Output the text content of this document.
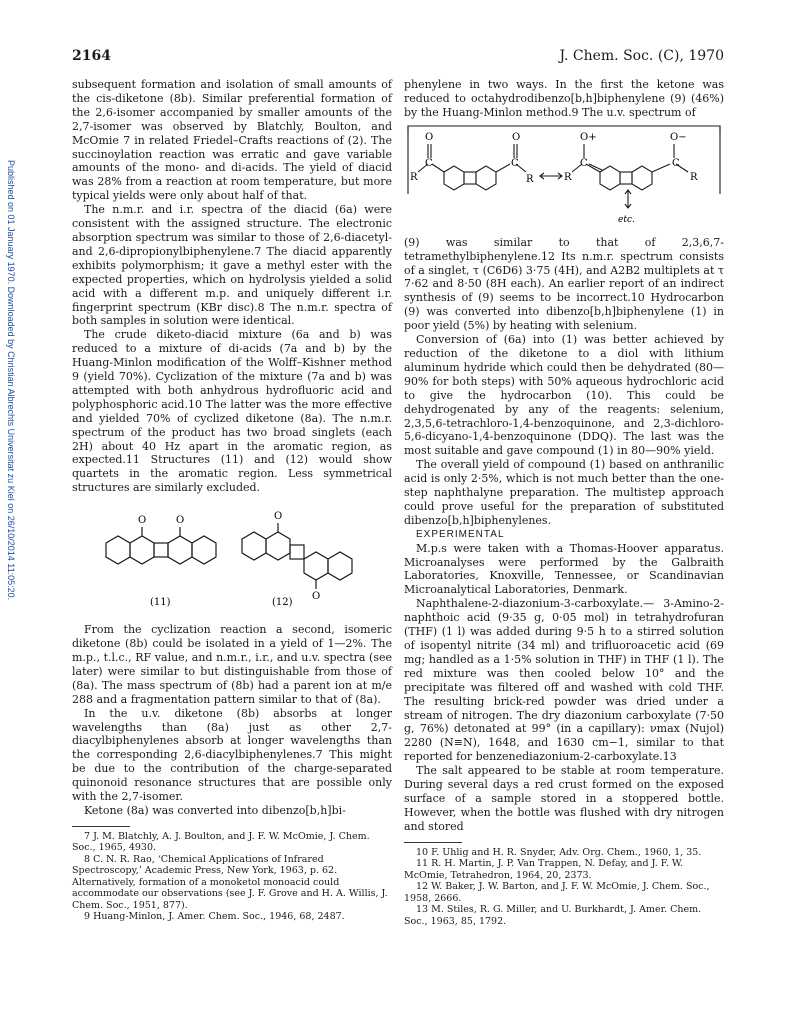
Published on 01 January 1970. Downloaded by Christian Albrechts Universitat zu Kiel on 26/10/2014 11:05:20.
2164	J. Chem. Soc. (C), 1970

subsequent formation and isolation of small amounts of the cis-diketone (8b). Similar preferential formation of the 2,6-isomer accompanied by smaller amounts of the 2,7-isomer was observed by Blatchly, Boulton, and McOmie 7 in related Friedel–Crafts reactions of (2). The succinoylation reaction was erratic and gave variable amounts of the mono- and di-acids. The yield of diacid was 28% from a reaction at room temperature, but more typical yields were only about half of that.

The n.m.r. and i.r. spectra of the diacid (6a) were consistent with the assigned structure. The electronic absorption spectrum was similar to those of 2,6-diacetyl- and 2,6-dipropionylbiphenylene.7 The diacid apparently exhibits polymorphism; it gave a methyl ester with the expected properties, which on hydrolysis yielded a solid acid with a different m.p. and uniquely different i.r. fingerprint spectrum (KBr disc).8 The n.m.r. spectra of both samples in solution were identical.

The crude diketo-diacid mixture (6a and b) was reduced to a mixture of di-acids (7a and b) by the Huang-Minlon modification of the Wolff–Kishner method 9 (yield 70%). Cyclization of the mixture (7a and b) was attempted with both anhydrous hydrofluoric acid and polyphosphoric acid.10 The latter was the more effective and yielded 70% of cyclized diketone (8a). The n.m.r. spectrum of the product has two broad singlets (each 2H) about 40 Hz apart in the aromatic region, as expected.11 Structures (11) and (12) would show quartets in the aromatic region. Less symmetrical structures are similarly excluded.

O	O	O
O
(11)	(12)

From the cyclization reaction a second, isomeric diketone (8b) could be isolated in a yield of 1—2%. The m.p., t.l.c., RF value, and n.m.r., i.r., and u.v. spectra (see later) were similar to but distinguishable from those of (8a). The mass spectrum of (8b) had a parent ion at m/e 288 and a fragmentation pattern similar to that of (8a).

In the u.v. diketone (8b) absorbs at longer wavelengths than (8a) just as other 2,7-diacylbiphenylenes absorb at longer wavelengths than the corresponding 2,6-diacylbiphenylenes.7 This might be due to the contribution of the charge-separated quinonoid resonance structures that are possible only with the 2,7-isomer.

Ketone (8a) was converted into dibenzo[b,h]bi-

7 J. M. Blatchly, A. J. Boulton, and J. F. W. McOmie, J. Chem. Soc., 1965, 4930.

8 C. N. R. Rao, ‘Chemical Applications of Infrared Spectroscopy,’ Academic Press, New York, 1963, p. 62. Alternatively, formation of a monoketol monoacid could accommodate our observations (see J. F. Grove and H. A. Willis, J. Chem. Soc., 1951, 877).

9 Huang-Minlon, J. Amer. Chem. Soc., 1946, 68, 2487.

phenylene in two ways. In the first the ketone was reduced to octahydrodibenzo[b,h]biphenylene (9) (46%) by the Huang-Minlon method.9 The u.v. spectrum of

O
C
R
O
C
R
O+
C
R
O−
C
R
etc.

(9) was similar to that of 2,3,6,7-tetramethylbiphenylene.12 Its n.m.r. spectrum consists of a singlet, τ (C6D6) 3·75 (4H), and A2B2 multiplets at τ 7·62 and 8·50 (8H each). An earlier report of an indirect synthesis of (9) seems to be incorrect.10 Hydrocarbon (9) was converted into dibenzo[b,h]biphenylene (1) in poor yield (5%) by heating with selenium.

Conversion of (6a) into (1) was better achieved by reduction of the diketone to a diol with lithium aluminum hydride which could then be dehydrated (80—90% for both steps) with 50% aqueous hydrochloric acid to give the hydrocarbon (10). This could be dehydrogenated by any of the reagents: selenium, 2,3,5,6-tetrachloro-1,4-benzoquinone, and 2,3-dichloro-5,6-dicyano-1,4-benzoquinone (DDQ). The last was the most suitable and gave compound (1) in 80—90% yield.

The overall yield of compound (1) based on anthranilic acid is only 2·5%, which is not much better than the one-step naphthalyne preparation. The multistep approach could prove useful for the preparation of substituted dibenzo[b,h]biphenylenes.

EXPERIMENTAL

M.p.s were taken with a Thomas-Hoover apparatus. Microanalyses were performed by the Galbraith Laboratories, Knoxville, Tennessee, or Scandinavian Microanalytical Laboratories, Denmark.

Naphthalene-2-diazonium-3-carboxylate.— 3-Amino-2-naphthoic acid (9·35 g, 0·05 mol) in tetrahydrofuran (THF) (1 l) was added during 9·5 h to a stirred solution of isopentyl nitrite (34 ml) and trifluoroacetic acid (69 mg; handled as a 1·5% solution in THF) in THF (1 l). The red mixture was then cooled below 10° and the precipitate was filtered off and washed with cold THF. The resulting brick-red powder was dried under a stream of nitrogen. The dry diazonium carboxylate (7·50 g, 76%) detonated at 99° (in a capillary): νmax (Nujol) 2280 (N≡N), 1648, and 1630 cm−1, similar to that reported for benzenediazonium-2-carboxylate.13

The salt appeared to be stable at room temperature. During several days a red crust formed on the exposed surface of a sample stored in a stoppered bottle. However, when the bottle was flushed with dry nitrogen and stored

10 F. Uhlig and H. R. Snyder, Adv. Org. Chem., 1960, 1, 35.

11 R. H. Martin, J. P. Van Trappen, N. Defay, and J. F. W. McOmie, Tetrahedron, 1964, 20, 2373.

12 W. Baker, J. W. Barton, and J. F. W. McOmie, J. Chem. Soc., 1958, 2666.

13 M. Stiles, R. G. Miller, and U. Burkhardt, J. Amer. Chem. Soc., 1963, 85, 1792.
